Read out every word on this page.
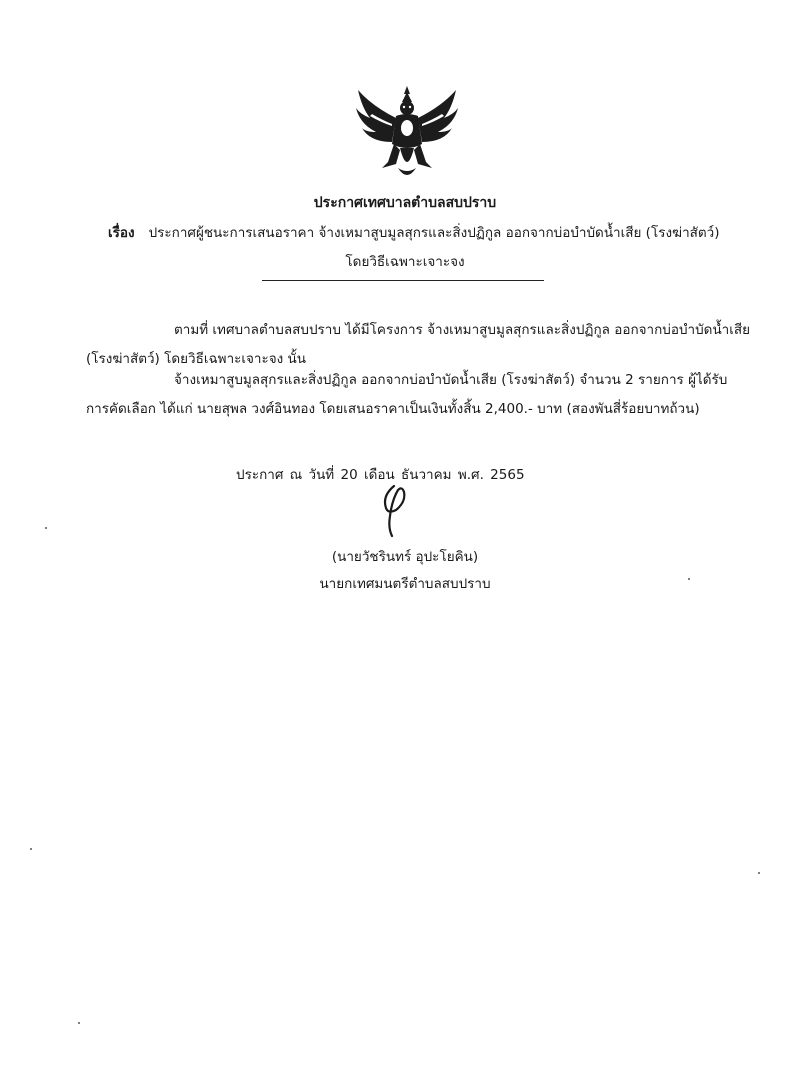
ประกาศเทศบาลตำบลสบปราบ
เรื่อง ประกาศผู้ชนะการเสนอราคา จ้างเหมาสูบมูลสุกรและสิ่งปฏิกูล ออกจากบ่อบำบัดน้ำเสีย (โรงฆ่าสัตว์)
โดยวิธีเฉพาะเจาะจง
ตามที่ เทศบาลตำบลสบปราบ ได้มีโครงการ จ้างเหมาสูบมูลสุกรและสิ่งปฏิกูล ออกจากบ่อบำบัดน้ำเสีย
(โรงฆ่าสัตว์) โดยวิธีเฉพาะเจาะจง นั้น
จ้างเหมาสูบมูลสุกรและสิ่งปฏิกูล ออกจากบ่อบำบัดน้ำเสีย (โรงฆ่าสัตว์) จำนวน 2 รายการ ผู้ได้รับ
การคัดเลือก ได้แก่ นายสุพล วงศ์อินทอง โดยเสนอราคาเป็นเงินทั้งสิ้น 2,400.- บาท (สองพันสี่ร้อยบาทถ้วน)
ประกาศ ณ วันที่ 20 เดือน ธันวาคม พ.ศ. 2565
(นายวัชรินทร์ อุปะโยคิน)
นายกเทศมนตรีตำบลสบปราบ
